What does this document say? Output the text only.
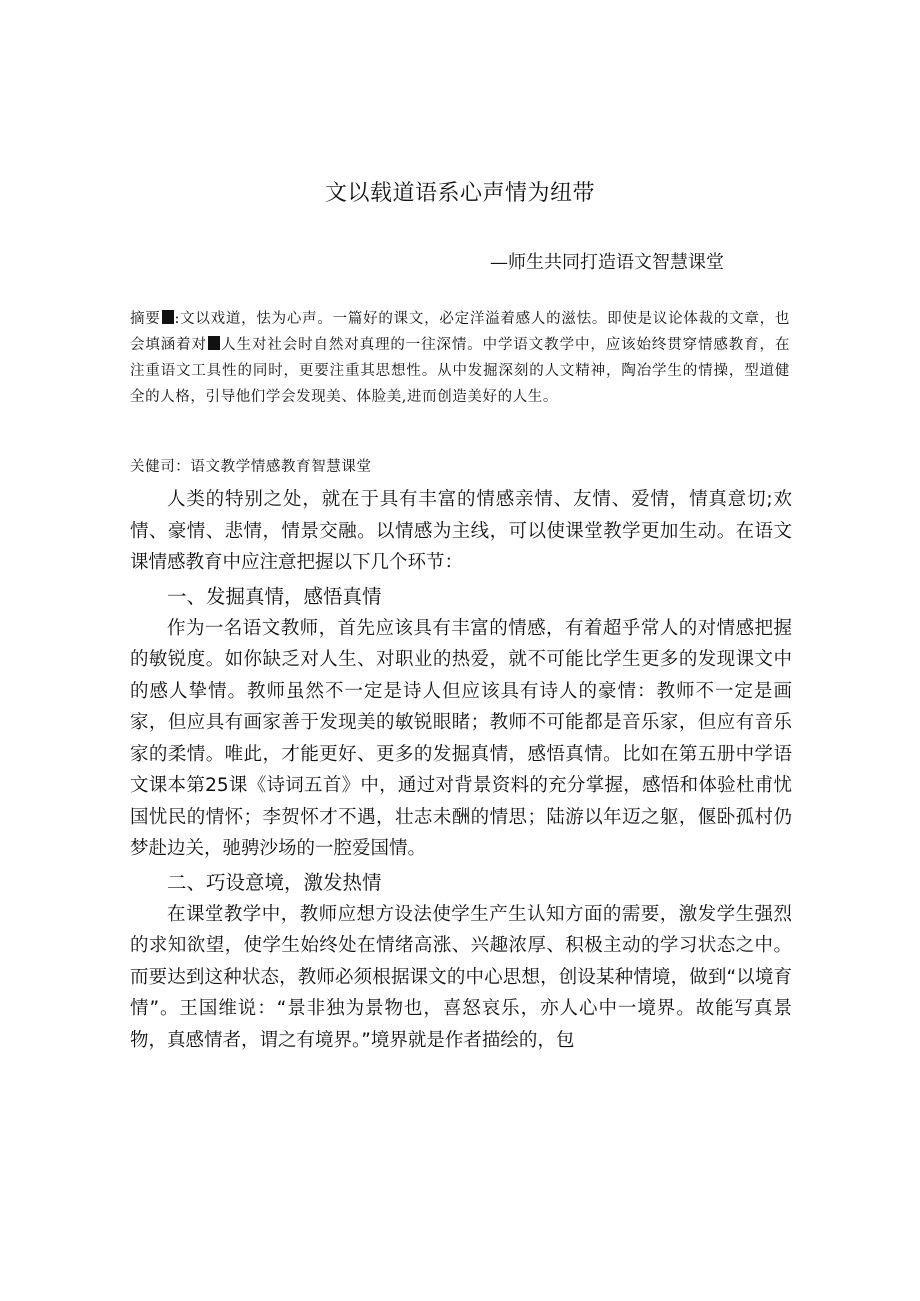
文以载道语系心声情为纽带
—师生共同打造语文智慧课堂
摘要 :文以戏道，怯为心声。一篇好的课文，必定洋溢着感人的滋怯。即使是议论体裁的文章，也会填涵着对 人生对社会时自然对真理的一往深情。中学语文教学中，应该始终贯穿情感教育，在注重语文工具性的同时，更要注重其思想性。从中发掘深刻的人文精神，陶冶学生的情操，型道健全的人格，引导他们学会发现美、体脸美,进而创造美好的人生。
关健司：语文教学情感教育智慧课堂

人类的特别之处，就在于具有丰富的情感亲情、友情、爱情，情真意切;欢情、豪情、悲情，情景交融。以情感为主线，可以使课堂教学更加生动。在语文课情感教育中应注意把握以下几个环节：

一、发掘真情，感悟真情

作为一名语文教师，首先应该具有丰富的情感，有着超乎常人的对情感把握的敏锐度。如你缺乏对人生、对职业的热爱，就不可能比学生更多的发现课文中的感人挚情。教师虽然不一定是诗人但应该具有诗人的豪情：教师不一定是画家，但应具有画家善于发现美的敏锐眼睹；教师不可能都是音乐家，但应有音乐家的柔情。唯此，才能更好、更多的发掘真情，感悟真情。比如在第五册中学语文课本第25课《诗词五首》中，通过对背景资料的充分掌握，感悟和体验杜甫忧国忧民的情怀；李贺怀才不遇，壮志未酬的情思；陆游以年迈之躯，偃卧孤村仍梦赴边关，驰骋沙场的一腔爱国情。

二、巧设意境，激发热情

在课堂教学中，教师应想方设法使学生产生认知方面的需要，激发学生强烈的求知欲望，使学生始终处在情绪高涨、兴趣浓厚、积极主动的学习状态之中。而要达到这种状态，教师必须根据课文的中心思想，创设某种情境，做到“以境育情”。王国维说：“景非独为景物也，喜怒哀乐，亦人心中一境界。故能写真景物，真感情者，谓之有境界。”境界就是作者描绘的，包
